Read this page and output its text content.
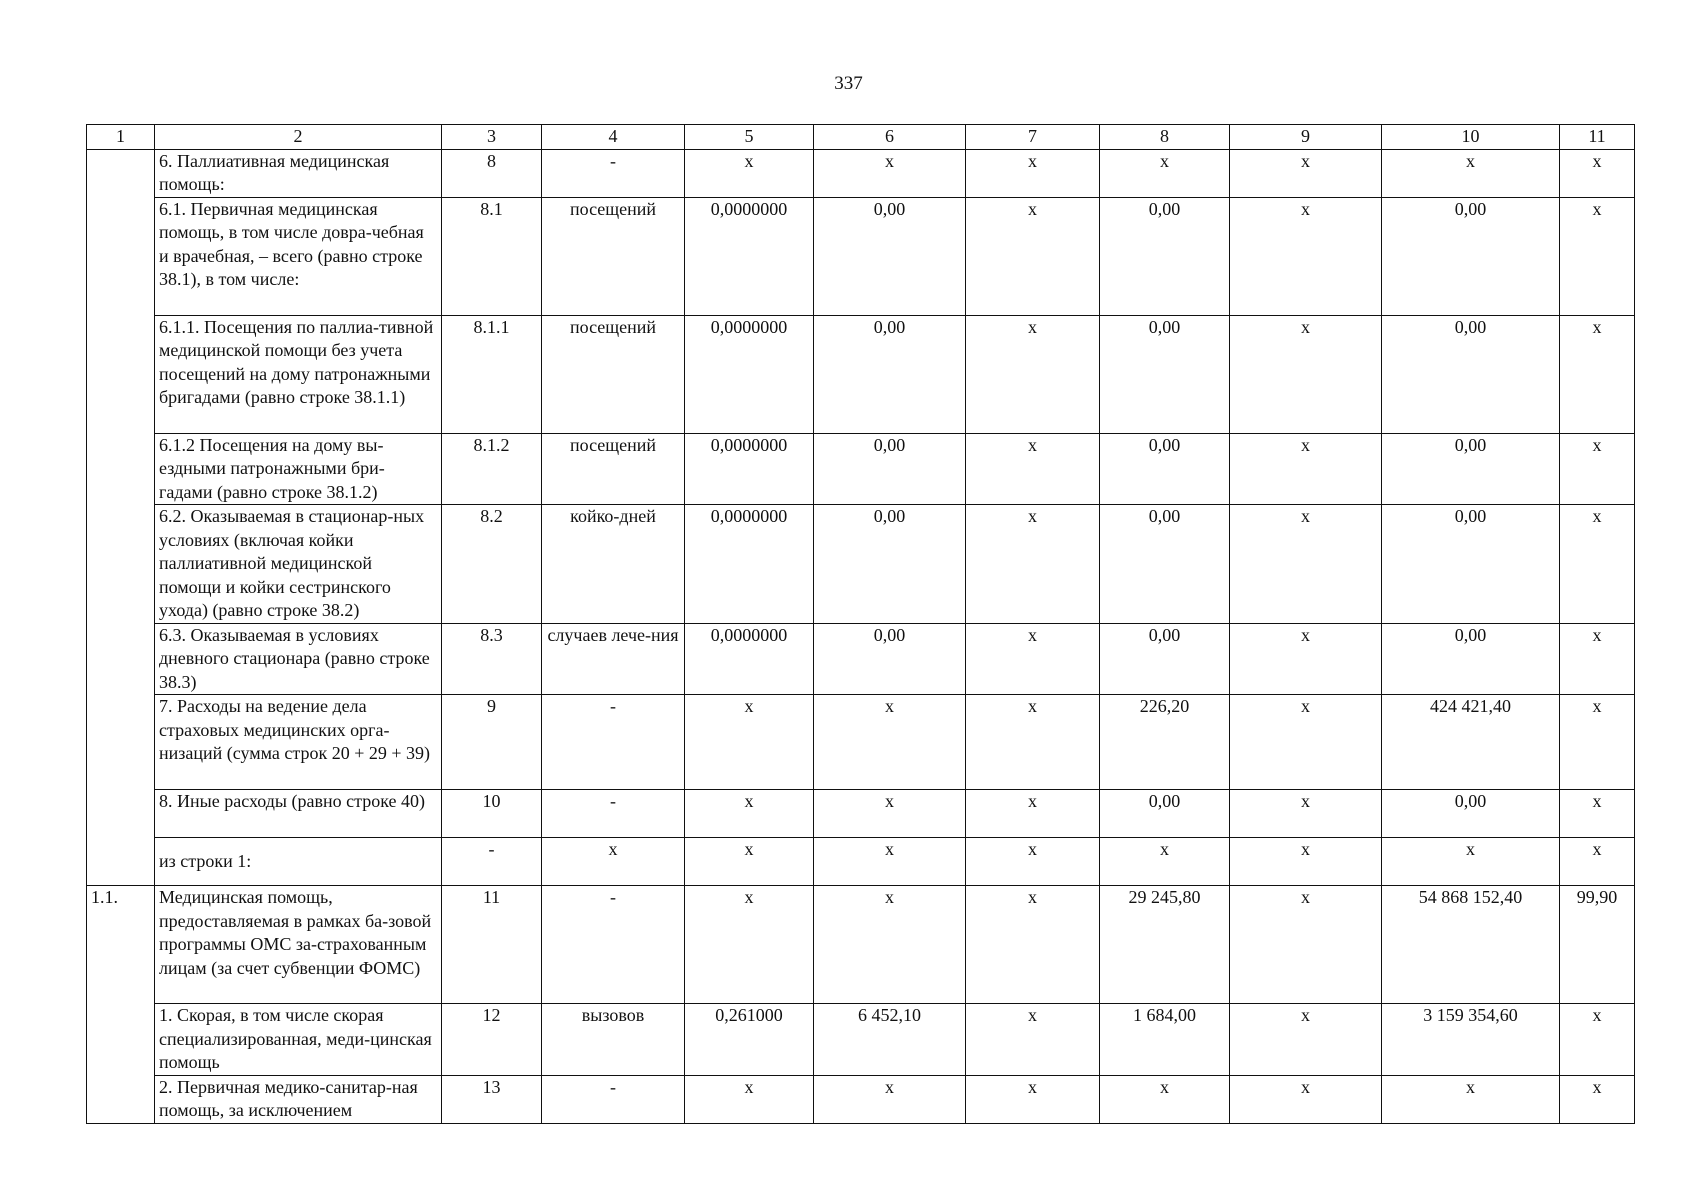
337
1	2	3	4	5	6	7	8	9	10	11
	6. Паллиативная медицинская помощь:	8	-	х	х	х	х	х	х	х
	6.1. Первичная медицинская помощь, в том числе довра-чебная и врачебная, – всего (равно строке 38.1), в том числе:	8.1	посещений	0,0000000	0,00	х	0,00	х	0,00	х
	6.1.1. Посещения по паллиа-тивной медицинской помощи без учета посещений на дому патронажными бригадами (равно строке 38.1.1)	8.1.1	посещений	0,0000000	0,00	х	0,00	х	0,00	х
	6.1.2 Посещения на дому вы-ездными патронажными бри-гадами (равно строке 38.1.2)	8.1.2	посещений	0,0000000	0,00	х	0,00	х	0,00	х
	6.2. Оказываемая в стационар-ных условиях (включая койки паллиативной медицинской помощи и койки сестринского ухода) (равно строке 38.2)	8.2	койко-дней	0,0000000	0,00	х	0,00	х	0,00	х
	6.3. Оказываемая в условиях дневного стационара (равно строке 38.3)	8.3	случаев лече-ния	0,0000000	0,00	х	0,00	х	0,00	х
	7. Расходы на ведение дела страховых медицинских орга-низаций (сумма строк 20 + 29 + 39)	9	-	х	х	х	226,20	х	424 421,40	х
	8. Иные расходы (равно строке 40)	10	-	х	х	х	0,00	х	0,00	х
	из строки 1:	-	х	х	х	х	х	х	х	х
1.1.	Медицинская помощь, предоставляемая в рамках ба-зовой программы ОМС за-страхованным лицам (за счет субвенции ФОМС)	11	-	х	х	х	29 245,80	х	54 868 152,40	99,90
	1. Скорая, в том числе скорая специализированная, меди-цинская помощь	12	вызовов	0,261000	6 452,10	х	1 684,00	х	3 159 354,60	х
	2. Первичная медико-санитар-ная помощь, за исключением	13	-	х	х	х	х	х	х	х
